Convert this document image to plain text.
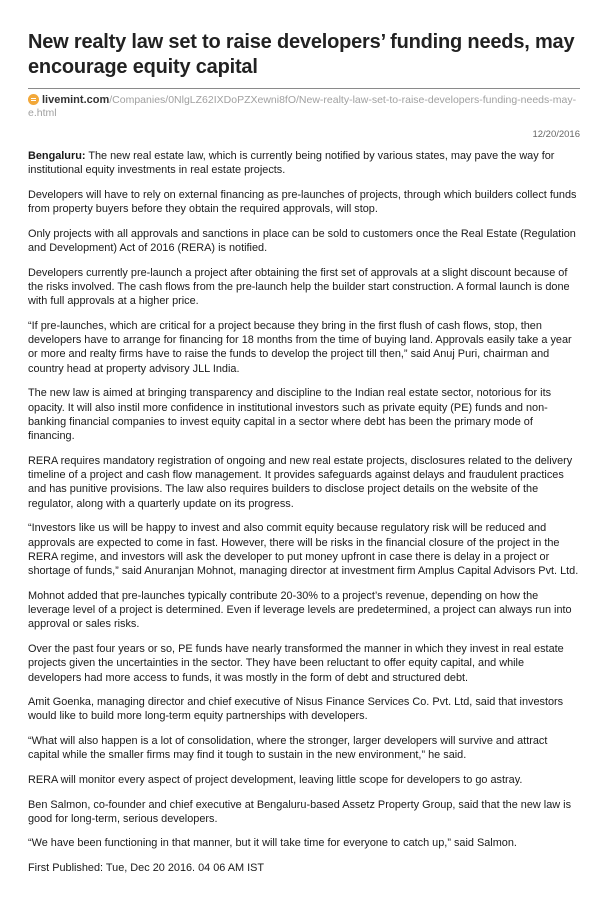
New realty law set to raise developers’ funding needs, may encourage equity capital
livemint.com/Companies/0NlgLZ62IXDoPZXewni8fO/New-realty-law-set-to-raise-developers-funding-needs-may-e.html
12/20/2016

Bengaluru: The new real estate law, which is currently being notified by various states, may pave the way for institutional equity investments in real estate projects.

Developers will have to rely on external financing as pre-launches of projects, through which builders collect funds from property buyers before they obtain the required approvals, will stop.

Only projects with all approvals and sanctions in place can be sold to customers once the Real Estate (Regulation and Development) Act of 2016 (RERA) is notified.

Developers currently pre-launch a project after obtaining the first set of approvals at a slight discount because of the risks involved. The cash flows from the pre-launch help the builder start construction. A formal launch is done with full approvals at a higher price.

“If pre-launches, which are critical for a project because they bring in the first flush of cash flows, stop, then developers have to arrange for financing for 18 months from the time of buying land. Approvals easily take a year or more and realty firms have to raise the funds to develop the project till then,” said Anuj Puri, chairman and country head at property advisory JLL India.

The new law is aimed at bringing transparency and discipline to the Indian real estate sector, notorious for its opacity. It will also instil more confidence in institutional investors such as private equity (PE) funds and non-banking financial companies to invest equity capital in a sector where debt has been the primary mode of financing.

RERA requires mandatory registration of ongoing and new real estate projects, disclosures related to the delivery timeline of a project and cash flow management. It provides safeguards against delays and fraudulent practices and has punitive provisions. The law also requires builders to disclose project details on the website of the regulator, along with a quarterly update on its progress.

“Investors like us will be happy to invest and also commit equity because regulatory risk will be reduced and approvals are expected to come in fast. However, there will be risks in the financial closure of the project in the RERA regime, and investors will ask the developer to put money upfront in case there is delay in a project or shortage of funds,” said Anuranjan Mohnot, managing director at investment firm Amplus Capital Advisors Pvt. Ltd.

Mohnot added that pre-launches typically contribute 20-30% to a project’s revenue, depending on how the leverage level of a project is determined. Even if leverage levels are predetermined, a project can always run into approval or sales risks.

Over the past four years or so, PE funds have nearly transformed the manner in which they invest in real estate projects given the uncertainties in the sector. They have been reluctant to offer equity capital, and while developers had more access to funds, it was mostly in the form of debt and structured debt.

Amit Goenka, managing director and chief executive of Nisus Finance Services Co. Pvt. Ltd, said that investors would like to build more long-term equity partnerships with developers.

“What will also happen is a lot of consolidation, where the stronger, larger developers will survive and attract capital while the smaller firms may find it tough to sustain in the new environment,” he said.

RERA will monitor every aspect of project development, leaving little scope for developers to go astray.

Ben Salmon, co-founder and chief executive at Bengaluru-based Assetz Property Group, said that the new law is good for long-term, serious developers.

“We have been functioning in that manner, but it will take time for everyone to catch up,” said Salmon.

First Published: Tue, Dec 20 2016. 04 06 AM IST
